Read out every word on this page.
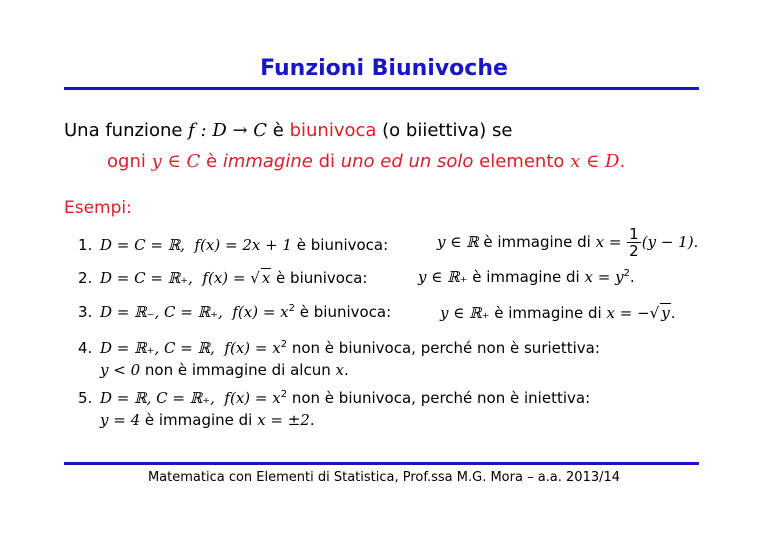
Funzioni Biunivoche
Una funzione f : D → C è biunivoca (o biiettiva) se
ogni y ∈ C è immagine di uno ed un solo elemento x ∈ D.
Esempi:
1. D = C = ℝ, f(x) = 2x + 1 è biunivoca:	y ∈ ℝ è immagine di $x = \frac{1}{2} (y - 1)$.
2. D = C = ℝ₊, f(x) = √ x è biunivoca:	y ∈ ℝ₊ è immagine di $x = y^2$.
3. D = ℝ₋, C = ℝ₊, $f(x) = x^2$ è biunivoca:	y ∈ ℝ₊ è immagine di x = −√ y.
4. D = ℝ₊, C = ℝ, $f(x) = x^2$ non è biunivoca, perché non è suriettiva:
y < 0 non è immagine di alcun x.
5. D = ℝ, C = ℝ₊, $f(x) = x^2$ non è biunivoca, perché non è iniettiva:
y = 4 è immagine di x = ±2.
Matematica con Elementi di Statistica, Prof.ssa M.G. Mora – a.a. 2013/14
